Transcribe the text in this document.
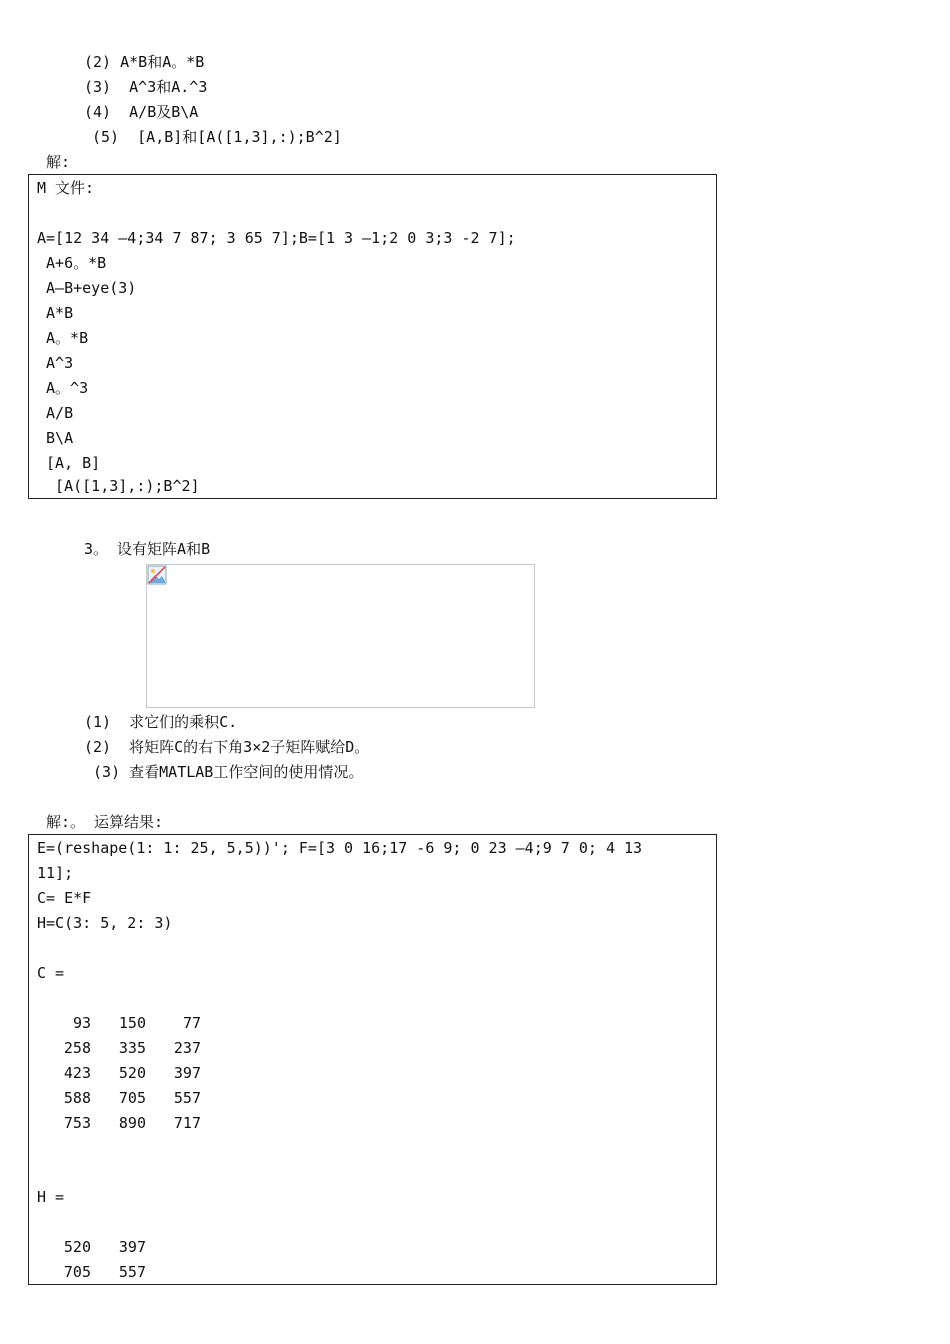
(2) A*B和A。*B
(3)  A^3和A.^3
(4)  A/B及B\A
(5)  [A,B]和[A([1,3],:);B^2]
解:
M 文件:
A=[12 34 —4;34 7 87; 3 65 7];B=[1 3 —1;2 0 3;3 -2 7];
A+6。*B
A—B+eye(3)
A*B
A。*B
A^3
A。^3
A/B
B\A
[A, B]
[A([1,3],:);B^2]
3。 设有矩阵A和B
(1)  求它们的乘积C.
(2)  将矩阵C的右下角3×2子矩阵赋给D。
(3) 查看MATLAB工作空间的使用情况。
解:。 运算结果:
E=(reshape(1: 1: 25, 5,5))'; F=[3 0 16;17 -6 9; 0 23 —4;9 7 0; 4 13
11];
C= E*F
H=C(3: 5, 2: 3)
C =
93	150	77
258	335	237
423	520	397
588	705	557
753	890	717
H =
520	397
705	557
